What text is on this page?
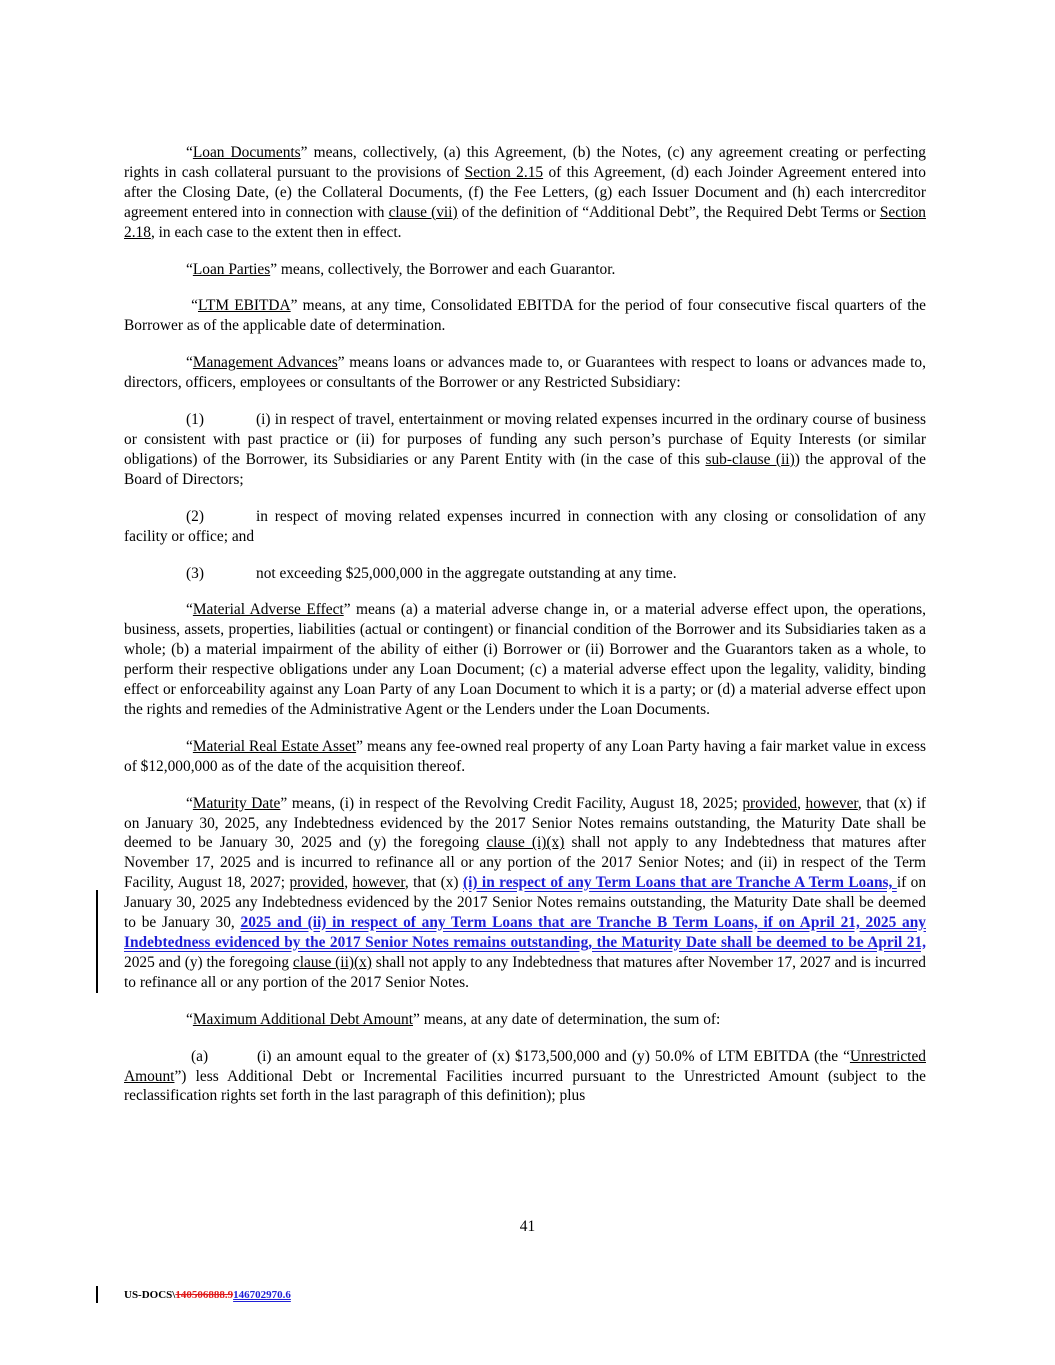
“Loan Documents” means, collectively, (a) this Agreement, (b) the Notes, (c) any agreement creating or perfecting rights in cash collateral pursuant to the provisions of Section 2.15 of this Agreement, (d) each Joinder Agreement entered into after the Closing Date, (e) the Collateral Documents, (f) the Fee Letters, (g) each Issuer Document and (h) each intercreditor agreement entered into in connection with clause (vii) of the definition of “Additional Debt”, the Required Debt Terms or Section 2.18, in each case to the extent then in effect.

“Loan Parties” means, collectively, the Borrower and each Guarantor.

“LTM EBITDA” means, at any time, Consolidated EBITDA for the period of four consecutive fiscal quarters of the Borrower as of the applicable date of determination.

“Management Advances” means loans or advances made to, or Guarantees with respect to loans or advances made to, directors, officers, employees or consultants of the Borrower or any Restricted Subsidiary:

(1)	(i) in respect of travel, entertainment or moving related expenses incurred in the ordinary course of business or consistent with past practice or (ii) for purposes of funding any such person’s purchase of Equity Interests (or similar obligations) of the Borrower, its Subsidiaries or any Parent Entity with (in the case of this sub-clause (ii)) the approval of the Board of Directors;

(2)	in respect of moving related expenses incurred in connection with any closing or consolidation of any facility or office; and

(3)	not exceeding $25,000,000 in the aggregate outstanding at any time.

“Material Adverse Effect” means (a) a material adverse change in, or a material adverse effect upon, the operations, business, assets, properties, liabilities (actual or contingent) or financial condition of the Borrower and its Subsidiaries taken as a whole; (b) a material impairment of the ability of either (i) Borrower or (ii) Borrower and the Guarantors taken as a whole, to perform their respective obligations under any Loan Document; (c) a material adverse effect upon the legality, validity, binding effect or enforceability against any Loan Party of any Loan Document to which it is a party; or (d) a material adverse effect upon the rights and remedies of the Administrative Agent or the Lenders under the Loan Documents.

“Material Real Estate Asset” means any fee-owned real property of any Loan Party having a fair market value in excess of $12,000,000 as of the date of the acquisition thereof.

“Maturity Date” means, (i) in respect of the Revolving Credit Facility, August 18, 2025; provided, however, that (x) if on January 30, 2025, any Indebtedness evidenced by the 2017 Senior Notes remains outstanding, the Maturity Date shall be deemed to be January 30, 2025 and (y) the foregoing clause (i)(x) shall not apply to any Indebtedness that matures after November 17, 2025 and is incurred to refinance all or any portion of the 2017 Senior Notes; and (ii) in respect of the Term Facility, August 18, 2027; provided, however, that (x) (i) in respect of any Term Loans that are Tranche A Term Loans, if on January 30, 2025 any Indebtedness evidenced by the 2017 Senior Notes remains outstanding, the Maturity Date shall be deemed to be January 30, 2025 and (ii) in respect of any Term Loans that are Tranche B Term Loans, if on April 21, 2025 any Indebtedness evidenced by the 2017 Senior Notes remains outstanding, the Maturity Date shall be deemed to be April 21, 2025 and (y) the foregoing clause (ii)(x) shall not apply to any Indebtedness that matures after November 17, 2027 and is incurred to refinance all or any portion of the 2017 Senior Notes.

“Maximum Additional Debt Amount” means, at any date of determination, the sum of:

(a)	(i) an amount equal to the greater of (x) $173,500,000 and (y) 50.0% of LTM EBITDA (the “Unrestricted Amount”) less Additional Debt or Incremental Facilities incurred pursuant to the Unrestricted Amount (subject to the reclassification rights set forth in the last paragraph of this definition); plus

41
US-DOCS\140506888.9146702970.6
